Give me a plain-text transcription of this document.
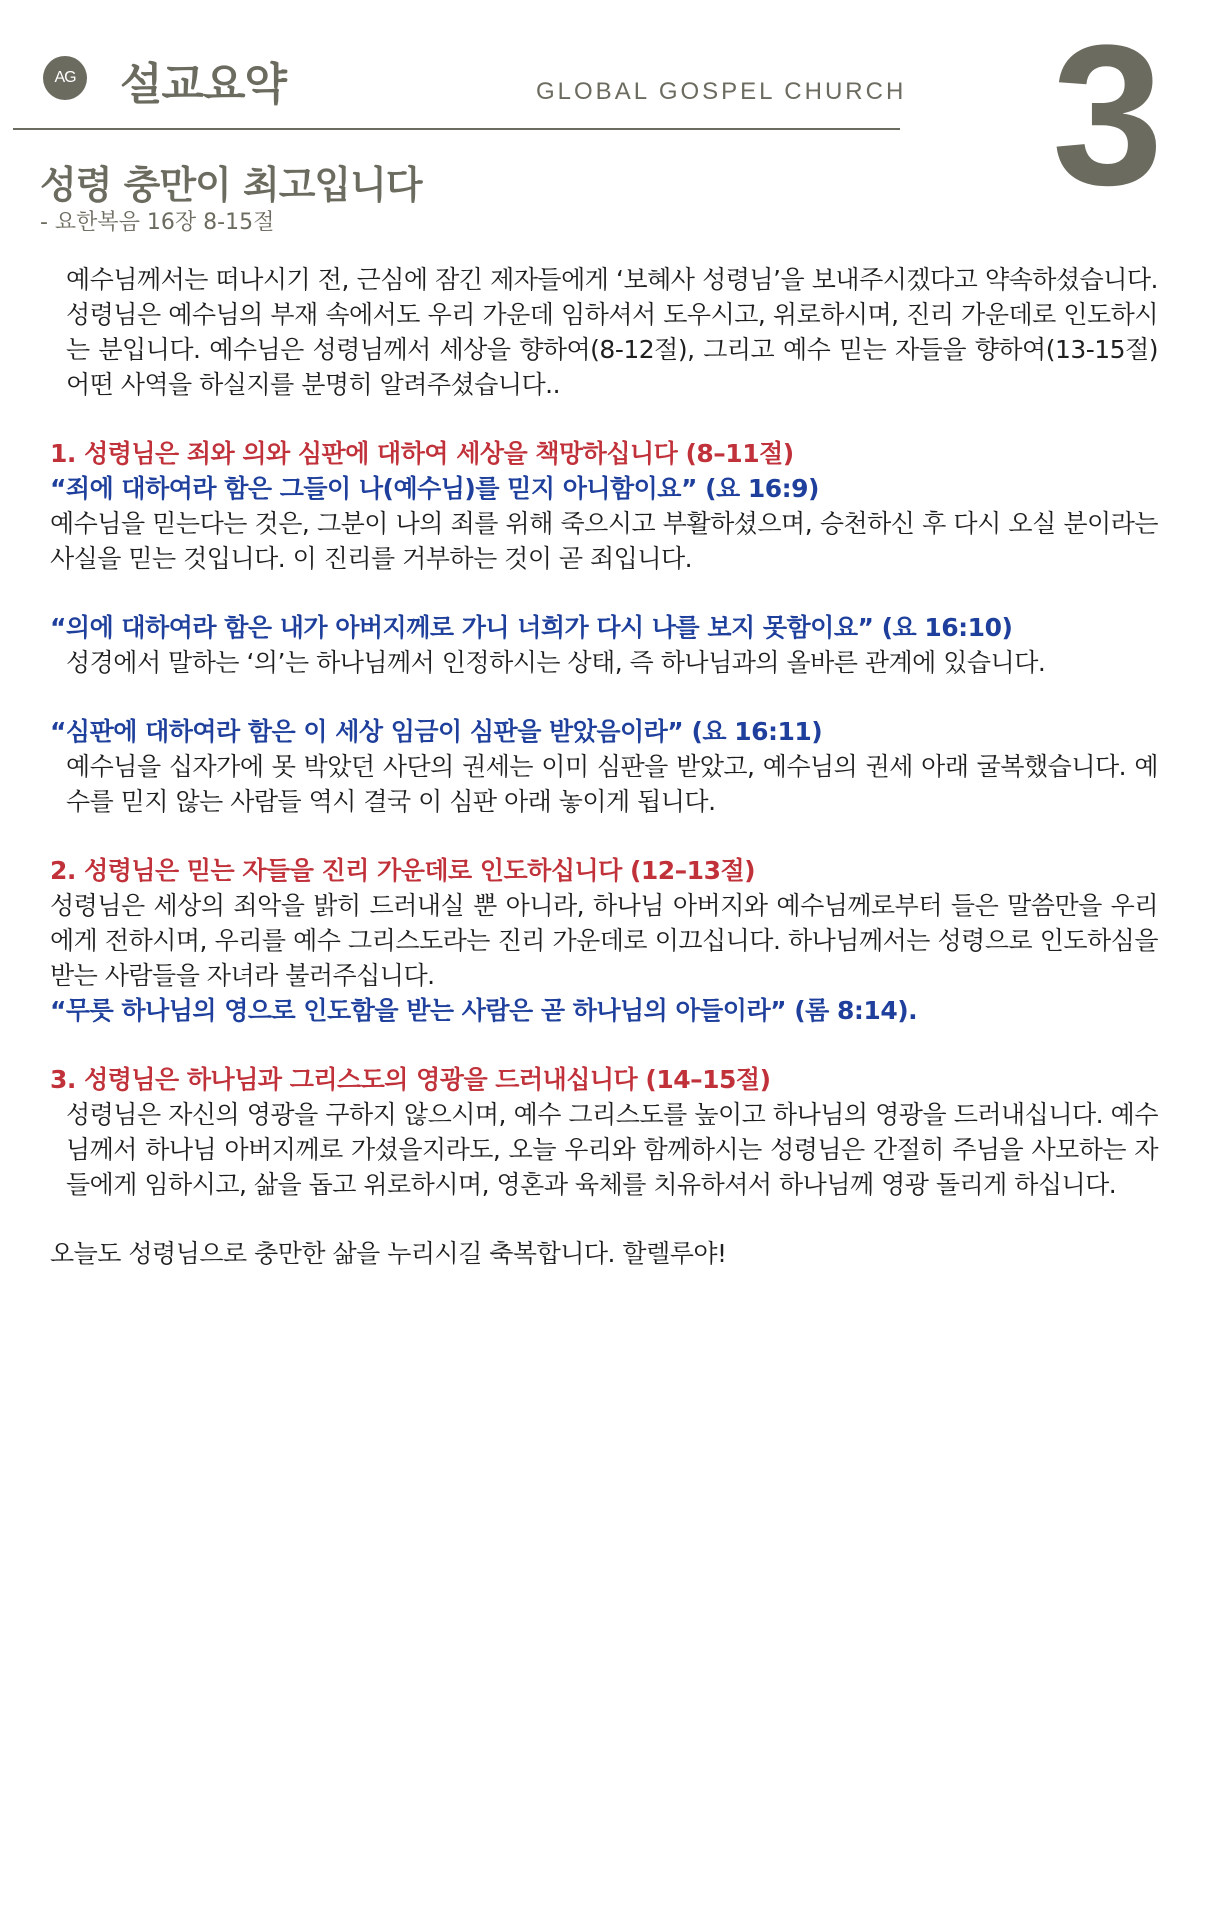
AG 설교요약	GLOBAL GOSPEL CHURCH 3
성령 충만이 최고입니다
- 요한복음 16장 8-15절

예수님께서는 떠나시기 전, 근심에 잠긴 제자들에게 ‘보혜사 성령님’을 보내주시겠다고 약속하셨습니다. 성령님은 예수님의 부재 속에서도 우리 가운데 임하셔서 도우시고, 위로하시며, 진리 가운데로 인도하시는 분입니다. 예수님은 성령님께서 세상을 향하여(8-12절), 그리고 예수 믿는 자들을 향하여(13-15절) 어떤 사역을 하실지를 분명히 알려주셨습니다..

1. 성령님은 죄와 의와 심판에 대하여 세상을 책망하십니다 (8–11절)

“죄에 대하여라 함은 그들이 나(예수님)를 믿지 아니함이요” (요 16:9)

예수님을 믿는다는 것은, 그분이 나의 죄를 위해 죽으시고 부활하셨으며, 승천하신 후 다시 오실 분이라는 사실을 믿는 것입니다. 이 진리를 거부하는 것이 곧 죄입니다.

“의에 대하여라 함은 내가 아버지께로 가니 너희가 다시 나를 보지 못함이요” (요 16:10)

성경에서 말하는 ‘의’는 하나님께서 인정하시는 상태, 즉 하나님과의 올바른 관계에 있습니다.

“심판에 대하여라 함은 이 세상 임금이 심판을 받았음이라” (요 16:11)

예수님을 십자가에 못 박았던 사단의 권세는 이미 심판을 받았고, 예수님의 권세 아래 굴복했습니다. 예수를 믿지 않는 사람들 역시 결국 이 심판 아래 놓이게 됩니다.

2. 성령님은 믿는 자들을 진리 가운데로 인도하십니다 (12–13절)

성령님은 세상의 죄악을 밝히 드러내실 뿐 아니라, 하나님 아버지와 예수님께로부터 들은 말씀만을 우리에게 전하시며, 우리를 예수 그리스도라는 진리 가운데로 이끄십니다. 하나님께서는 성령으로 인도하심을 받는 사람들을 자녀라 불러주십니다.

“무릇 하나님의 영으로 인도함을 받는 사람은 곧 하나님의 아들이라” (롬 8:14).

3. 성령님은 하나님과 그리스도의 영광을 드러내십니다 (14–15절)

성령님은 자신의 영광을 구하지 않으시며, 예수 그리스도를 높이고 하나님의 영광을 드러내십니다. 예수님께서 하나님 아버지께로 가셨을지라도, 오늘 우리와 함께하시는 성령님은 간절히 주님을 사모하는 자들에게 임하시고, 삶을 돕고 위로하시며, 영혼과 육체를 치유하셔서 하나님께 영광 돌리게 하십니다.

오늘도 성령님으로 충만한 삶을 누리시길 축복합니다. 할렐루야!
